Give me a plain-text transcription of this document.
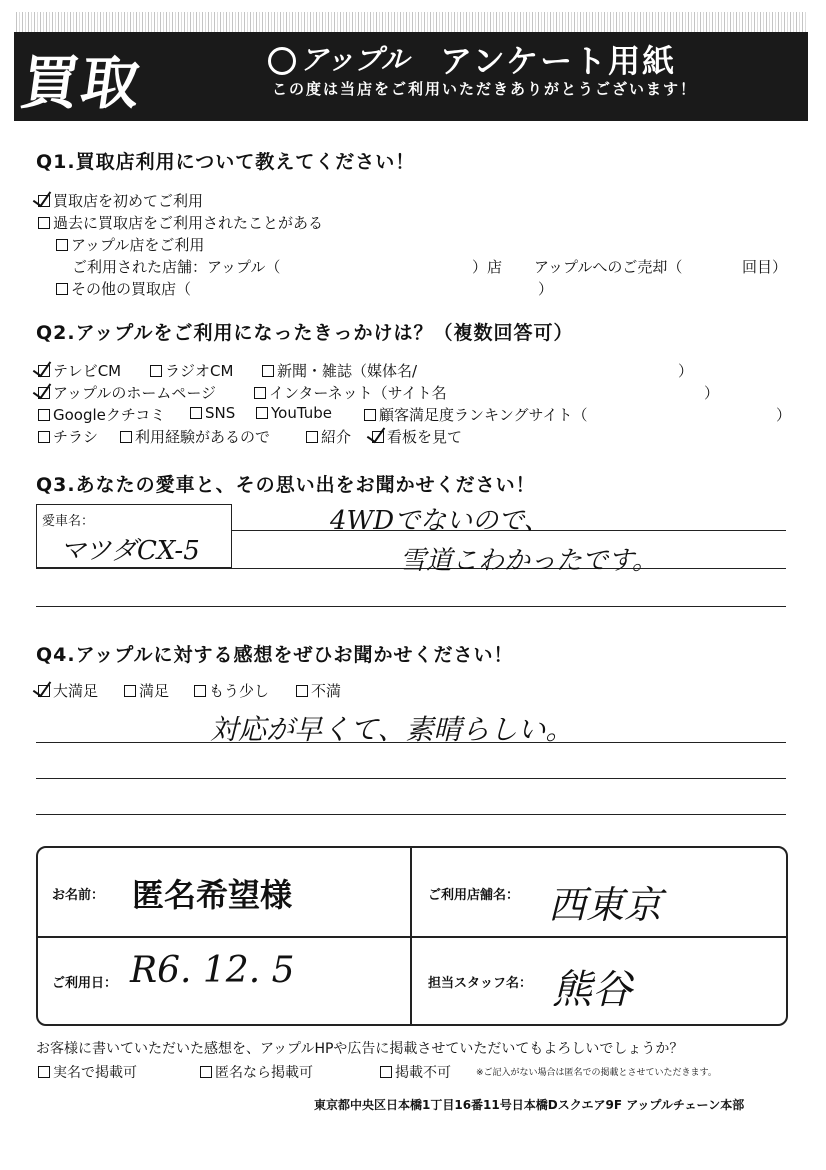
買取	アップル アンケート用紙
この度は当店をご利用いただきありがとうございます！
Q1.買取店利用について教えてください！
買取店を初めてご利用
過去に買取店をご利用されたことがある
アップル店をご利用
ご利用された店舗：アップル（	）店 アップルへのご売却（	回目）
その他の買取店（	）
Q2.アップルをご利用になったきっかけは？（複数回答可）
テレビCM	ラジオCM	新聞・雑誌（媒体名/	）
アップルのホームページ	インターネット（サイト名	）
Googleクチコミ	SNS	YouTube	顧客満足度ランキングサイト（	）
チラシ	利用経験があるので	紹介	看板を見て
Q3.あなたの愛車と、その思い出をお聞かせください！
愛車名：
マツダCX-5
4WDでないので、
雪道こわかったです。
Q4.アップルに対する感想をぜひお聞かせください！
大満足	満足	もう少し	不満
対応が早くて、素晴らしい。
お名前： 匿名希望様	ご利用店舗名： 西東京
ご利用日： R6. 12. 5	担当スタッフ名： 熊谷
お客様に書いていただいた感想を、アップルHPや広告に掲載させていただいてもよろしいでしょうか？
実名で掲載可	匿名なら掲載可	掲載不可	※ご記入がない場合は匿名での掲載とさせていただきます。
東京都中央区日本橋1丁目16番11号日本橋Dスクエア9F アップルチェーン本部
